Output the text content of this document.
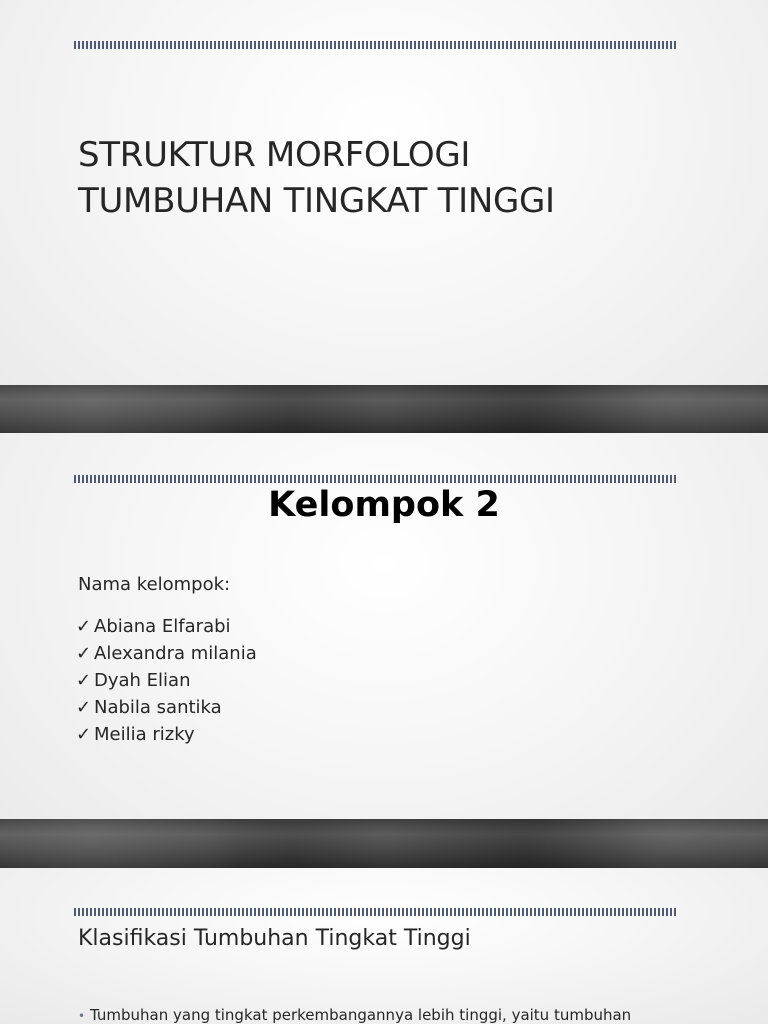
STRUKTUR MORFOLOGI
TUMBUHAN TINGKAT TINGGI
Kelompok 2
Nama kelompok:
✓ Abiana Elfarabi
✓ Alexandra milania
✓ Dyah Elian
✓ Nabila santika
✓ Meilia rizky
Klasifikasi Tumbuhan Tingkat Tinggi
• Tumbuhan yang tingkat perkembangannya lebih tinggi, yaitu tumbuhan
